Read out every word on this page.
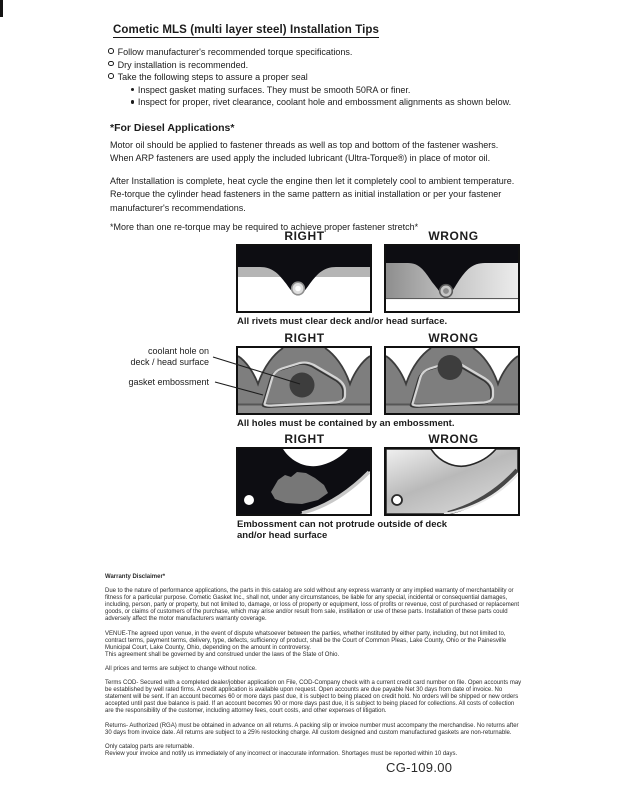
Cometic MLS (multi layer steel) Installation Tips
Follow manufacturer's recommended torque specifications.
Dry installation is recommended.
Take the following steps to assure a proper seal
Inspect gasket mating surfaces. They must be smooth 50RA or finer.
Inspect for proper, rivet clearance, coolant hole and embossment alignments as shown below.
*For Diesel Applications*
Motor oil should be applied to fastener threads as well as top and bottom of the fastener washers. When ARP fasteners are used apply the included lubricant (Ultra-Torque®) in place of motor oil.
After Installation is complete, heat cycle the engine then let it completely cool to ambient temperature. Re-torque the cylinder head fasteners in the same pattern as initial installation or per your fastener manufacturer's recommendations.
*More than one re-torque may be required to achieve proper fastener stretch*
RIGHT	WRONG
All rivets must clear deck and/or head surface.
RIGHT	WRONG
All holes must be contained by an embossment.
coolant hole on
deck / head surface
gasket embossment
RIGHT	WRONG
Embossment can not protrude outside of deck
and/or head surface
Warranty Disclaimer*

Due to the nature of performance applications, the parts in this catalog are sold without any express warranty or any implied warranty of merchantability or fitness for a particular purpose. Cometic Gasket Inc., shall not, under any circumstances, be liable for any special, incidental or consequential damages, including, person, party or property, but not limited to, damage, or loss of property or equipment, loss of profits or revenue, cost of purchased or replacement goods, or claims of customers of the purchase, which may arise and/or result from sale, instillation or use of these parts. Installation of these parts could adversely affect the motor manufacturers warranty coverage.

VENUE-The agreed upon venue, in the event of dispute whatsoever between the parties, whether instituted by either party, including, but not limited to, contract terms, payment terms, delivery, type, defects, sufficiency of product, shall be the Court of Common Pleas, Lake County, Ohio or the Painesville Municipal Court, Lake County, Ohio, depending on the amount in controversy.

This agreement shall be governed by and construed under the laws of the State of Ohio.

All prices and terms are subject to change without notice.

Terms COD- Secured with a completed dealer/jobber application on File, COD-Company check with a current credit card number on file. Open accounts may be established by well rated firms. A credit application is available upon request. Open accounts are due payable Net 30 days from date of invoice. No statement will be sent. If an account becomes 60 or more days past due, it is subject to being placed on credit hold. No orders will be shipped or new orders accepted until past due balance is paid. If an account becomes 90 or more days past due, it is subject to being placed for collections. All costs of collection are the responsibility of the customer, including attorney fees, court costs, and other expenses of litigation.

Returns- Authorized (RGA) must be obtained in advance on all returns. A packing slip or invoice number must accompany the merchandise. No returns after 30 days from invoice date. All returns are subject to a 25% restocking charge. All custom designed and custom manufactured gaskets are non-returnable.

Only catalog parts are returnable.

Review your invoice and notify us immediately of any incorrect or inaccurate information. Shortages must be reported within 10 days.

CG-109.00
